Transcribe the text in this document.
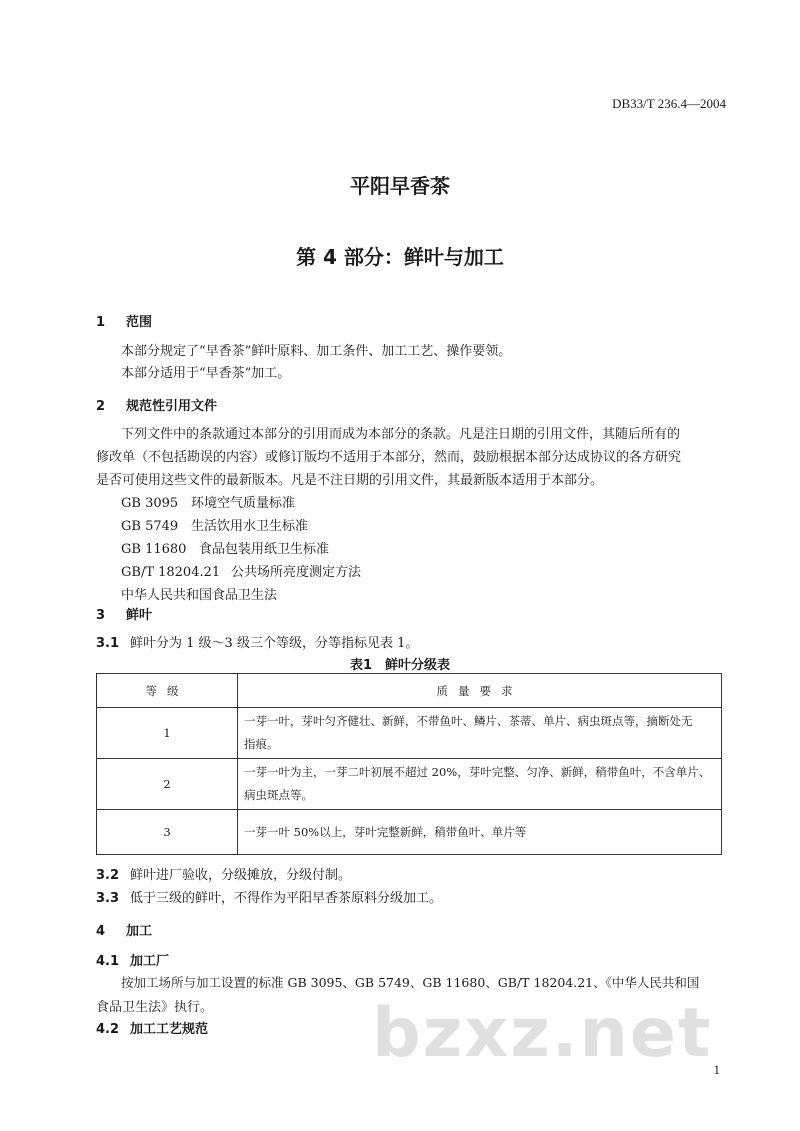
DB33/T 236.4—2004
平阳早香茶
第 4 部分：鲜叶与加工
1 范围
本部分规定了“早香茶”鲜叶原料、加工条件、加工工艺、操作要领。
本部分适用于“早香茶”加工。
2 规范性引用文件
下列文件中的条款通过本部分的引用而成为本部分的条款。凡是注日期的引用文件，其随后所有的
修改单（不包括勘误的内容）或修订版均不适用于本部分，然而，鼓励根据本部分达成协议的各方研究
是否可使用这些文件的最新版本。凡是不注日期的引用文件，其最新版本适用于本部分。
GB 3095 环境空气质量标准
GB 5749 生活饮用水卫生标准
GB 11680 食品包装用纸卫生标准
GB/T 18204.21 公共场所亮度测定方法
中华人民共和国食品卫生法
3 鲜叶
3.1 鲜叶分为 1 级～3 级三个等级，分等指标见表 1。
表1　鲜叶分级表
等级	质量要求
1	一芽一叶，芽叶匀齐健壮、新鲜，不带鱼叶、鳞片、茶蒂、单片、病虫斑点等，摘断处无
指痕。

2	一芽一叶为主，一芽二叶初展不超过 20%，芽叶完整、匀净、新鲜，稍带鱼叶，不含单片、
病虫斑点等。

3	一芽一叶 50%以上，芽叶完整新鲜，稍带鱼叶、单片等
3.2 鲜叶进厂验收，分级摊放，分级付制。
3.3 低于三级的鲜叶，不得作为平阳早香茶原料分级加工。
4 加工
4.1 加工厂
按加工场所与加工设置的标准 GB 3095、GB 5749、GB 11680、GB/T 18204.21、《中华人民共和国
食品卫生法》执行。
4.2 加工工艺规范 bzxz.net 1
